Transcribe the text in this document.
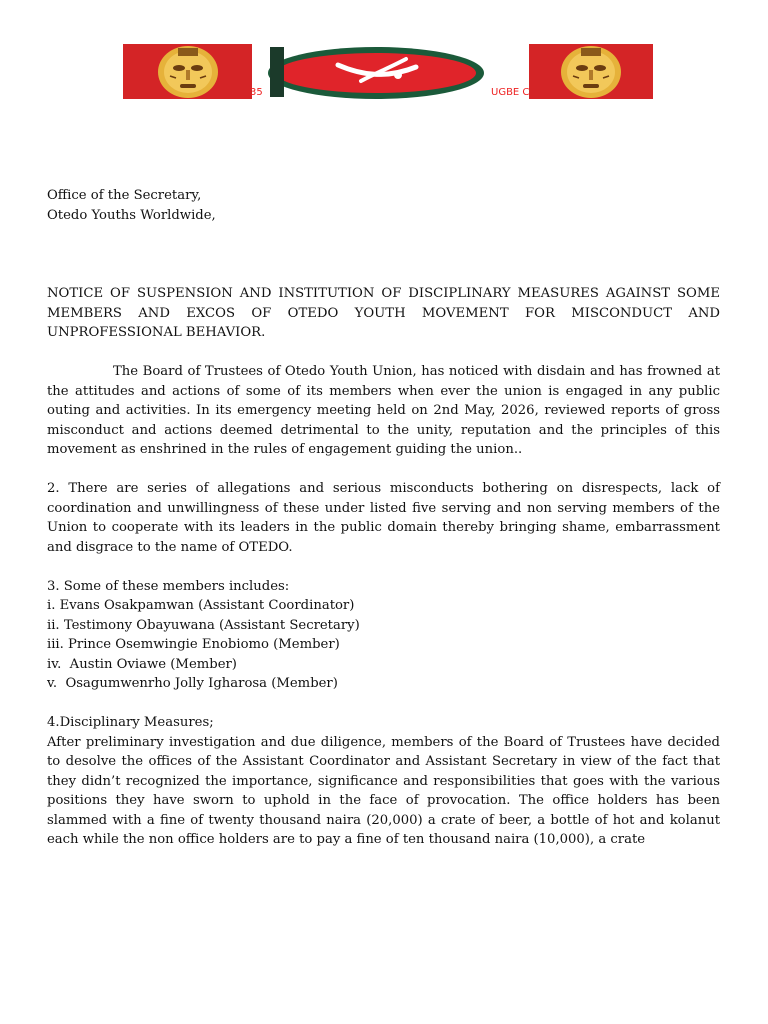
35	UGBE C

Office of the Secretary,

Otedo Youths Worldwide,

NOTICE OF SUSPENSION AND INSTITUTION OF DISCIPLINARY MEASURES AGAINST SOME

MEMBERS AND EXCOS OF OTEDO YOUTH MOVEMENT FOR MISCONDUCT AND

UNPROFESSIONAL BEHAVIOR.

The Board of Trustees of Otedo Youth Union, has noticed with disdain and has frowned at the attitudes and actions of some of its members when ever the union is engaged in any public outing and activities. In its emergency meeting held on 2nd May, 2026, reviewed reports of gross misconduct and actions deemed detrimental to the unity, reputation and the principles of this movement as enshrined in the rules of engagement guiding the union..

2. There are series of allegations and serious misconducts bothering on disrespects, lack of coordination and unwillingness of these under listed five serving and non serving members of the Union to cooperate with its leaders in the public domain thereby bringing shame, embarrassment and disgrace to the name of OTEDO.

3. Some of these members includes:

i. Evans Osakpamwan (Assistant Coordinator)

ii. Testimony Obayuwana (Assistant Secretary)

iii. Prince Osemwingie Enobiomo (Member)

iv.  Austin Oviawe (Member)

v.  Osagumwenrho Jolly Igharosa (Member)

4.Disciplinary Measures;

After preliminary investigation and due diligence, members of the Board of Trustees have decided to desolve the offices of the Assistant Coordinator and Assistant Secretary in view of the fact that they didn’t recognized the importance, significance and responsibilities that goes with the various positions they have sworn to uphold in the face of provocation. The office holders has been slammed with a fine of twenty thousand naira (20,000) a crate of beer, a bottle of hot and kolanut each while the non office holders are to pay a fine of ten thousand naira (10,000), a crate
